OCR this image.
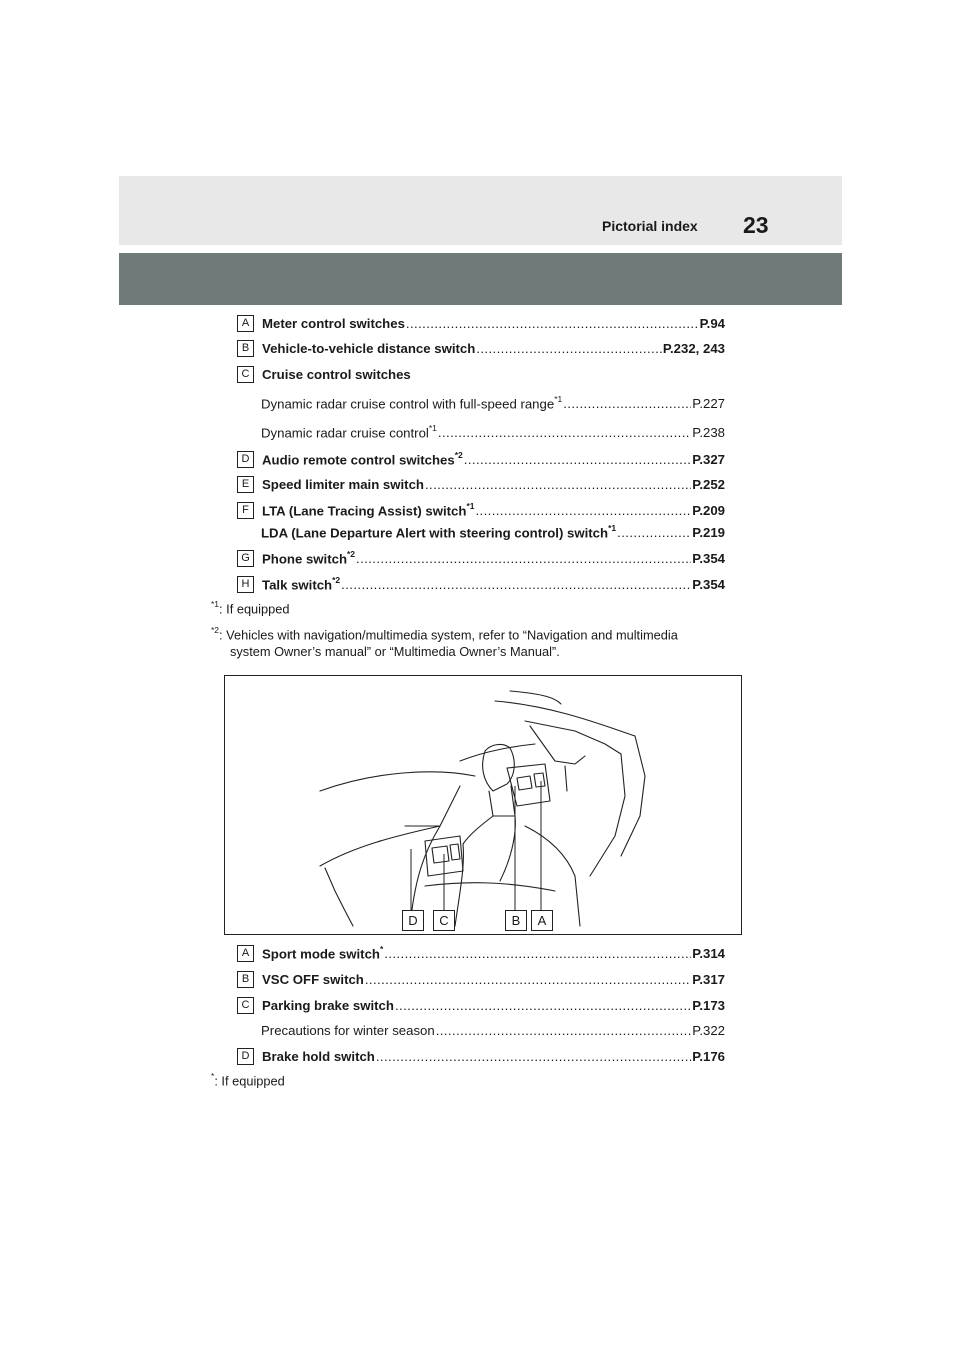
Pictorial index 23
A Meter control switches .....	P.94
B Vehicle-to-vehicle distance switch .....	P.232, 243
C Cruise control switches
Dynamic radar cruise control with full-speed range$^{*1}$ .....	P.227
Dynamic radar cruise control$^{*1}$ .....	P.238
D Audio remote control switches$^{*2}$ .....	P.327
E Speed limiter main switch .....	P.252
F LTA (Lane Tracing Assist) switch$^{*1}$ .....	P.209
LDA (Lane Departure Alert with steering control) switch$^{*1}$ .....	P.219
G Phone switch$^{*2}$ .....	P.354
H Talk switch$^{*2}$ .....	P.354
$^{*1}$: If equipped
$^{*2}$: Vehicles with navigation/multimedia system, refer to “Navigation and multimedia
system Owner’s manual” or “Multimedia Owner’s Manual”.
D	C	B	A
A Sport mode switch* .....	P.314
B VSC OFF switch .....	P.317
C Parking brake switch .....	P.173
Precautions for winter season .....	P.322
D Brake hold switch .....	P.176
*: If equipped
